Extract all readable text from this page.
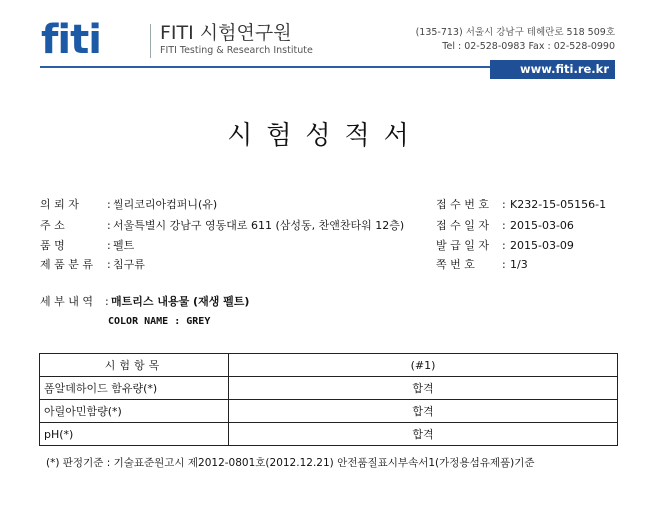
fiti	FITI 시험연구원
FITI Testing & Research Institute
(135-713) 서울시 강남구 테헤란로 518 509호
Tel : 02-528-0983 Fax : 02-528-0990
www.fiti.re.kr
시험성적서
의 뢰 자	: 씰리코리아컴퍼니(유)
주 소	: 서울특별시 강남구 영동대로 611 (삼성동, 찬앤찬타워 12층)
품 명	: 펠트
제 품 분 류 : 침구류
접 수 번 호 : K232-15-05156-1
접 수 일 자 : 2015-03-06
발 급 일 자 : 2015-03-09
쪽 번 호 : 1/3
세 부 내 역 : 매트리스 내용물 (재생 펠트)
COLOR NAME : GREY
시험항목	(#1)
폼알데하이드 함유량(*)	합격
아릴아민함량(*)	합격
pH(*)	합격
(*) 판정기준 : 기술표준원고시 제2012-0801호(2012.12.21) 안전품질표시부속서1(가정용섬유제품)기준
